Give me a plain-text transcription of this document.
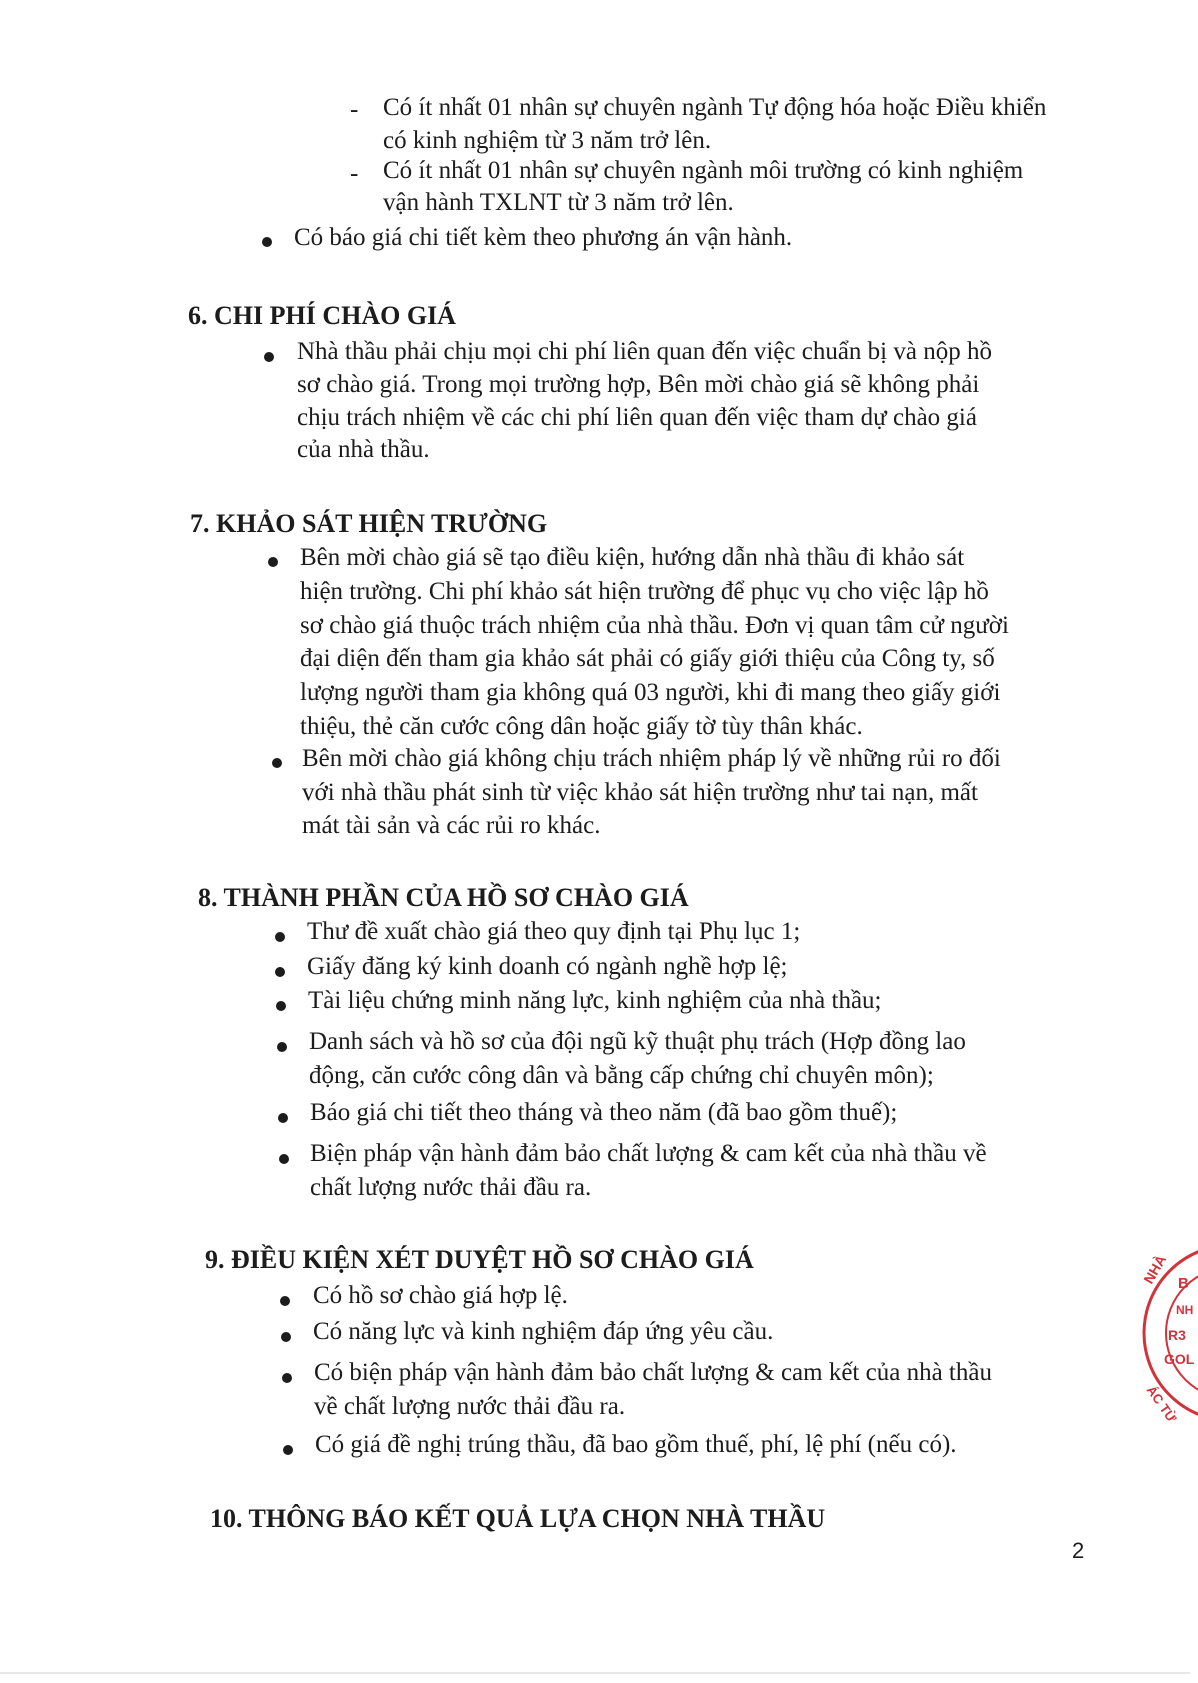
- Có ít nhất 01 nhân sự chuyên ngành Tự động hóa hoặc Điều khiển
có kinh nghiệm từ 3 năm trở lên.
- Có ít nhất 01 nhân sự chuyên ngành môi trường có kinh nghiệm
vận hành TXLNT từ 3 năm trở lên.
Có báo giá chi tiết kèm theo phương án vận hành.
6. CHI PHÍ CHÀO GIÁ
Nhà thầu phải chịu mọi chi phí liên quan đến việc chuẩn bị và nộp hồ
sơ chào giá. Trong mọi trường hợp, Bên mời chào giá sẽ không phải
chịu trách nhiệm về các chi phí liên quan đến việc tham dự chào giá
của nhà thầu.
7. KHẢO SÁT HIỆN TRƯỜNG
Bên mời chào giá sẽ tạo điều kiện, hướng dẫn nhà thầu đi khảo sát
hiện trường. Chi phí khảo sát hiện trường để phục vụ cho việc lập hồ
sơ chào giá thuộc trách nhiệm của nhà thầu. Đơn vị quan tâm cử người
đại diện đến tham gia khảo sát phải có giấy giới thiệu của Công ty, số
lượng người tham gia không quá 03 người, khi đi mang theo giấy giới
thiệu, thẻ căn cước công dân hoặc giấy tờ tùy thân khác.
Bên mời chào giá không chịu trách nhiệm pháp lý về những rủi ro đối
với nhà thầu phát sinh từ việc khảo sát hiện trường như tai nạn, mất
mát tài sản và các rủi ro khác.
8. THÀNH PHẦN CỦA HỒ SƠ CHÀO GIÁ
Thư đề xuất chào giá theo quy định tại Phụ lục 1;
Giấy đăng ký kinh doanh có ngành nghề hợp lệ;
Tài liệu chứng minh năng lực, kinh nghiệm của nhà thầu;
Danh sách và hồ sơ của đội ngũ kỹ thuật phụ trách (Hợp đồng lao
động, căn cước công dân và bằng cấp chứng chỉ chuyên môn);
Báo giá chi tiết theo tháng và theo năm (đã bao gồm thuế);
Biện pháp vận hành đảm bảo chất lượng & cam kết của nhà thầu về
chất lượng nước thải đầu ra.
9. ĐIỀU KIỆN XÉT DUYỆT HỒ SƠ CHÀO GIÁ
Có hồ sơ chào giá hợp lệ.
Có năng lực và kinh nghiệm đáp ứng yêu cầu.
Có biện pháp vận hành đảm bảo chất lượng & cam kết của nhà thầu
về chất lượng nước thải đầu ra.
Có giá đề nghị trúng thầu, đã bao gồm thuế, phí, lệ phí (nếu có).
10. THÔNG BÁO KẾT QUẢ LỰA CHỌN NHÀ THẦU
2
NHÀ B
NH
R3
GOL
ÁC TỪ
